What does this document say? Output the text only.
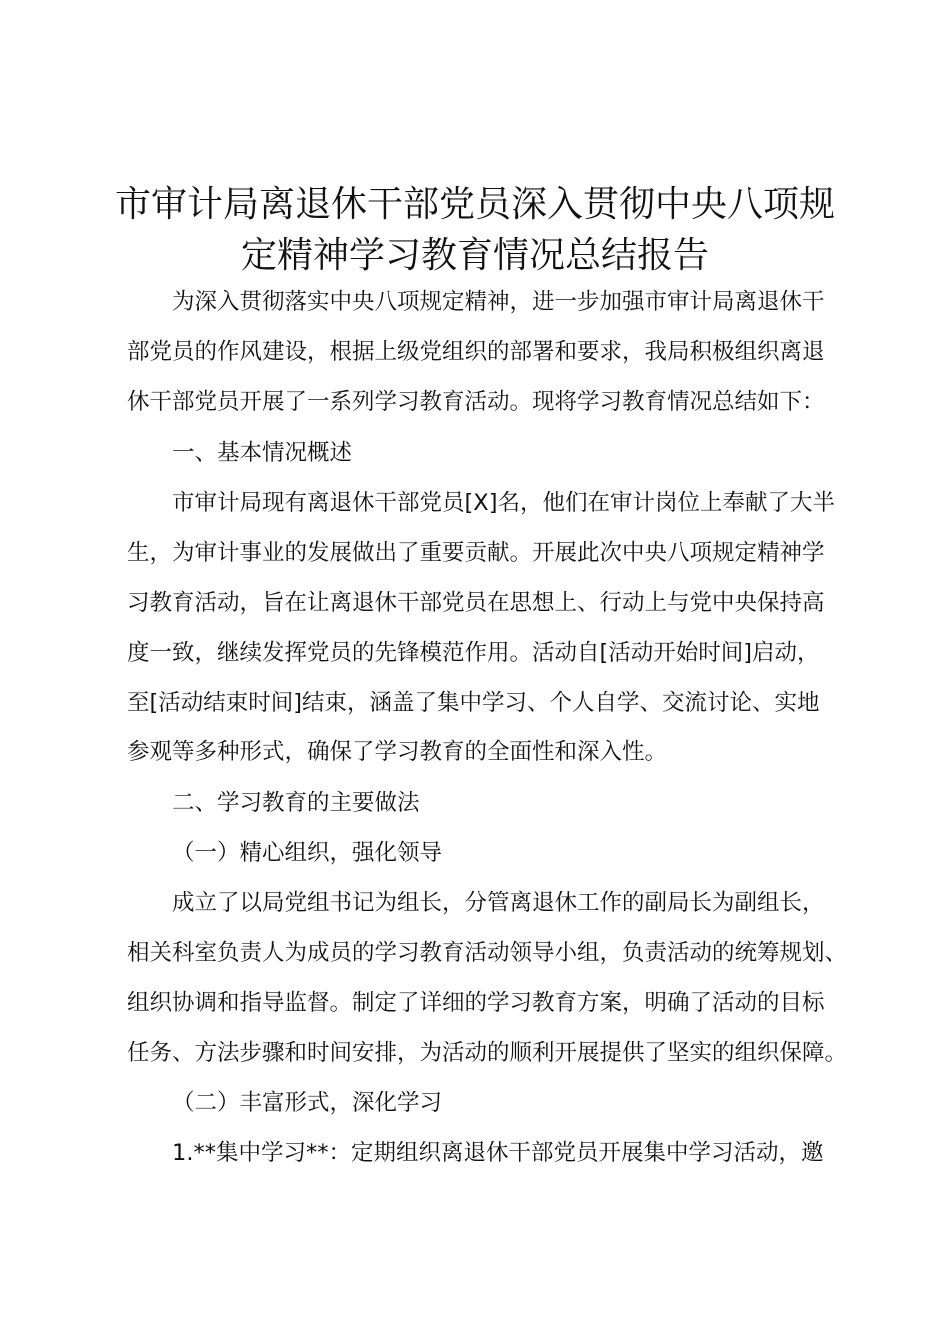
市审计局离退休干部党员深入贯彻中央八项规
定精神学习教育情况总结报告
为深入贯彻落实中央八项规定精神，进一步加强市审计局离退休干
部党员的作风建设，根据上级党组织的部署和要求，我局积极组织离退
休干部党员开展了一系列学习教育活动。现将学习教育情况总结如下：
一、基本情况概述
市审计局现有离退休干部党员[X]名，他们在审计岗位上奉献了大半
生，为审计事业的发展做出了重要贡献。开展此次中央八项规定精神学
习教育活动，旨在让离退休干部党员在思想上、行动上与党中央保持高
度一致，继续发挥党员的先锋模范作用。活动自[活动开始时间]启动，
至[活动结束时间]结束，涵盖了集中学习、个人自学、交流讨论、实地
参观等多种形式，确保了学习教育的全面性和深入性。
二、学习教育的主要做法
（一）精心组织，强化领导
成立了以局党组书记为组长，分管离退休工作的副局长为副组长，
相关科室负责人为成员的学习教育活动领导小组，负责活动的统筹规划、
组织协调和指导监督。制定了详细的学习教育方案，明确了活动的目标
任务、方法步骤和时间安排，为活动的顺利开展提供了坚实的组织保障。
（二）丰富形式，深化学习
1.**集中学习**：定期组织离退休干部党员开展集中学习活动，邀
